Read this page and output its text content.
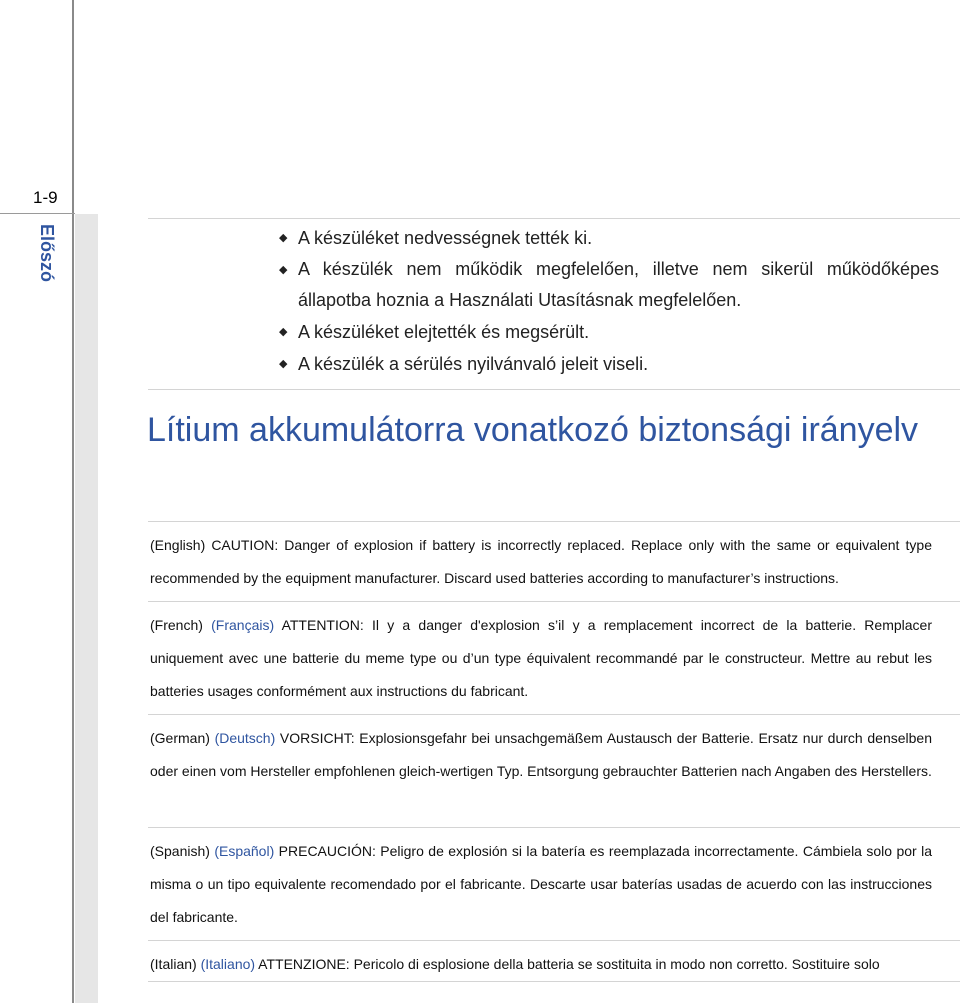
1-9
Előszó	◆ A készüléket nedvességnek tették ki.
◆ A készülék nem működik megfelelően, illetve nem sikerül működőképes állapotba hoznia a Használati Utasításnak megfelelően.
◆ A készüléket elejtették és megsérült.
◆ A készülék a sérülés nyilvánvaló jeleit viseli.
Lítium akkumulátorra vonatkozó biztonsági irányelv
(English) CAUTION: Danger of explosion if battery is incorrectly replaced. Replace only with the same or equivalent type recommended by the equipment manufacturer. Discard used batteries according to manufacturer’s instructions.
(French) (Français) ATTENTION: Il y a danger d'explosion s’il y a remplacement incorrect de la batterie. Remplacer uniquement avec une batterie du meme type ou d’un type équivalent recommandé par le constructeur. Mettre au rebut les batteries usages conformément aux instructions du fabricant.
(German) (Deutsch) VORSICHT: Explosionsgefahr bei unsachgemäßem Austausch der Batterie. Ersatz nur durch denselben oder einen vom Hersteller empfohlenen gleich-wertigen Typ. Entsorgung gebrauchter Batterien nach Angaben des Herstellers.
(Spanish) (Español) PRECAUCIÓN: Peligro de explosión si la batería es reemplazada incorrectamente. Cámbiela solo por la misma o un tipo equivalente recomendado por el fabricante. Descarte usar baterías usadas de acuerdo con las instrucciones del fabricante.
(Italian) (Italiano) ATTENZIONE: Pericolo di esplosione della batteria se sostituita in modo non corretto. Sostituire solo
